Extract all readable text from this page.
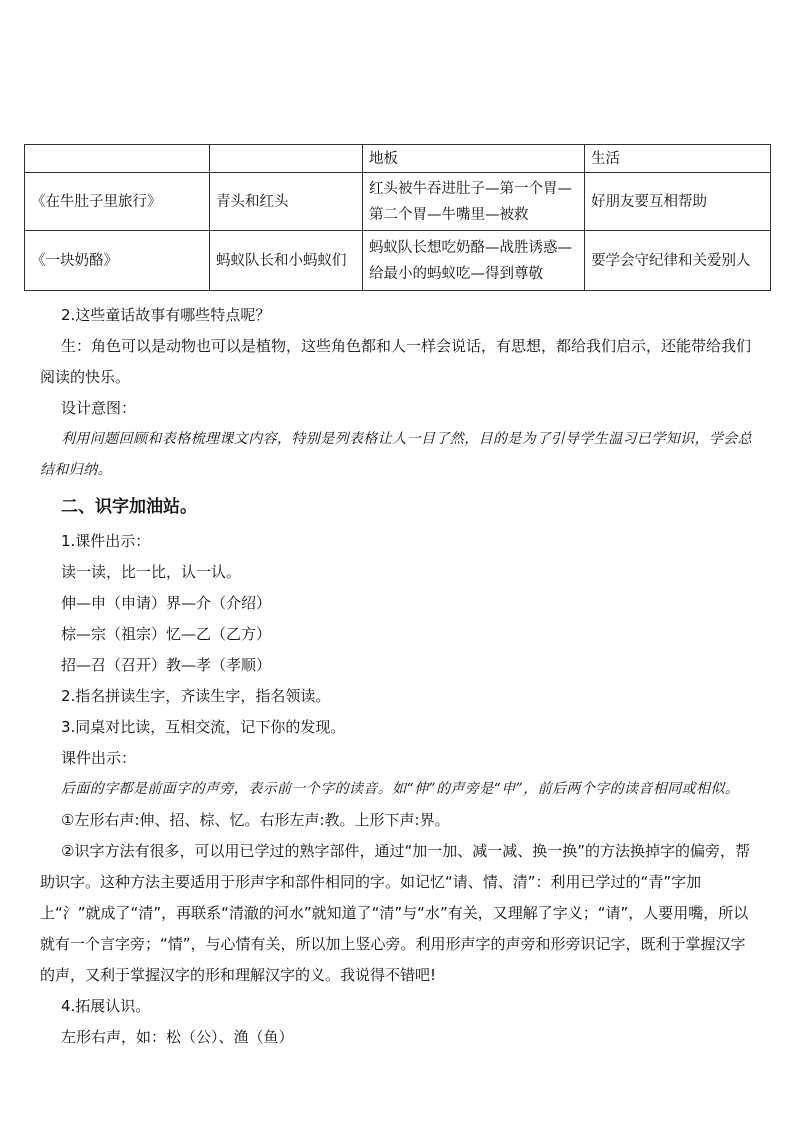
		地板	生活
《在牛肚子里旅行》	青头和红头	红头被牛吞进肚子—第一个胃—第二个胃—牛嘴里—被救	好朋友要互相帮助
《一块奶酪》	蚂蚁队长和小蚂蚁们	蚂蚁队长想吃奶酪—战胜诱惑—给最小的蚂蚁吃—得到尊敬	要学会守纪律和关爱别人

2.这些童话故事有哪些特点呢？

生：角色可以是动物也可以是植物，这些角色都和人一样会说话，有思想，都给我们启示，还能带给我们阅读的快乐。

设计意图：

利用问题回顾和表格梳理课文内容，特别是列表格让人一目了然，目的是为了引导学生温习已学知识，学会总结和归纳。

二、识字加油站。

1.课件出示：

读一读，比一比，认一认。

伸—申（申请）界—介（介绍）

棕—宗（祖宗）忆—乙（乙方）

招—召（召开）教—孝（孝顺）

2.指名拼读生字，齐读生字，指名领读。

3.同桌对比读，互相交流，记下你的发现。

课件出示：

后面的字都是前面字的声旁，表示前一个字的读音。如“伸”的声旁是“申”，前后两个字的读音相同或相似。

①左形右声:伸、招、棕、忆。右形左声:教。上形下声:界。

②识字方法有很多，可以用已学过的熟字部件，通过“加一加、减一减、换一换”的方法换掉字的偏旁，帮助识字。这种方法主要适用于形声字和部件相同的字。如记忆“请、情、清”：利用已学过的“青”字加上“氵”就成了“清”，再联系“清澈的河水”就知道了“清”与“水”有关，又理解了字义；“请”，人要用嘴，所以就有一个言字旁；“情”，与心情有关，所以加上竖心旁。利用形声字的声旁和形旁识记字，既利于掌握汉字的声，又利于掌握汉字的形和理解汉字的义。我说得不错吧!

4.拓展认识。

左形右声，如：松（公）、渔（鱼）
